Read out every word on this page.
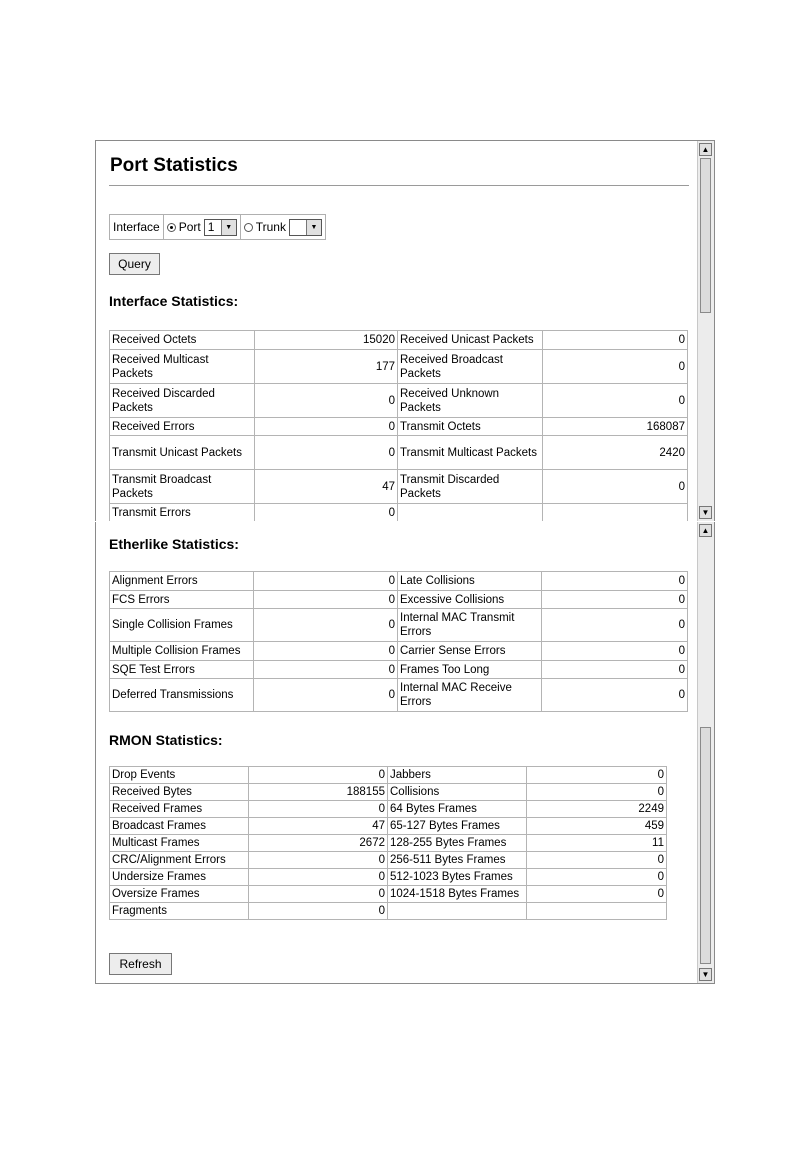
Port Statistics
Interface Port 1	▼ Trunk	▼
Query
Interface Statistics:
Received Octets	15020	Received Unicast Packets	0
Received Multicast Packets	177	Received Broadcast Packets	0
Received Discarded Packets	0	Received Unknown Packets	0
Received Errors	0	Transmit Octets	168087
Transmit Unicast Packets	0	Transmit Multicast Packets	2420
Transmit Broadcast Packets	47	Transmit Discarded Packets	0
Transmit Errors	0		
▲
▼
Etherlike Statistics:
Alignment Errors	0	Late Collisions	0
FCS Errors	0	Excessive Collisions	0
Single Collision Frames	0	Internal MAC Transmit Errors	0
Multiple Collision Frames	0	Carrier Sense Errors	0
SQE Test Errors	0	Frames Too Long	0
Deferred Transmissions	0	Internal MAC Receive Errors	0
RMON Statistics:
Drop Events	0	Jabbers	0
Received Bytes	188155	Collisions	0
Received Frames	0	64 Bytes Frames	2249
Broadcast Frames	47	65-127 Bytes Frames	459
Multicast Frames	2672	128-255 Bytes Frames	11
CRC/Alignment Errors	0	256-511 Bytes Frames	0
Undersize Frames	0	512-1023 Bytes Frames	0
Oversize Frames	0	1024-1518 Bytes Frames	0
Fragments	0		
Refresh
▲
▼
